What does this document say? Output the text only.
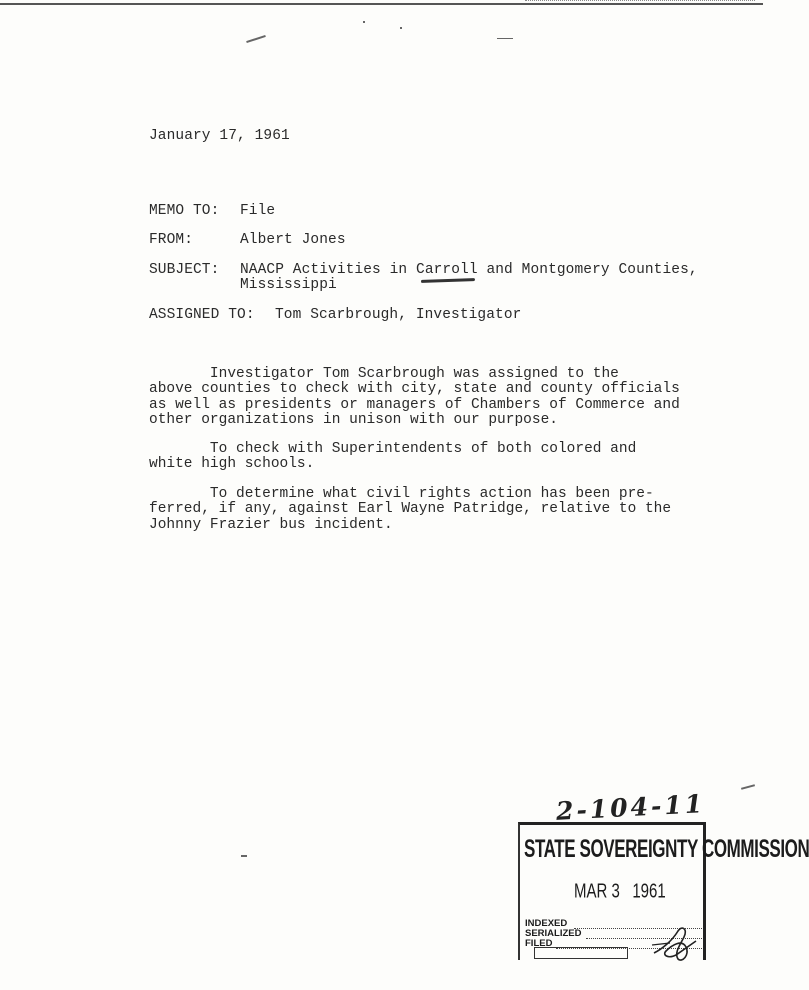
January 17, 1961
MEMO TO: File
FROM:	Albert Jones
SUBJECT: NAACP Activities in Carroll and Montgomery Counties,
Mississippi
ASSIGNED TO: Tom Scarbrough, Investigator
Investigator Tom Scarbrough was assigned to the
above counties to check with city, state and county officials
as well as presidents or managers of Chambers of Commerce and
other organizations in unison with our purpose.
To check with Superintendents of both colored and
white high schools.
To determine what civil rights action has been pre-
ferred, if any, against Earl Wayne Patridge, relative to the
Johnny Frazier bus incident.
2-104-11
STATE SOVEREIGNTY COMMISSION
MAR 3   1961
INDEXED
SERIALIZED
FILED
